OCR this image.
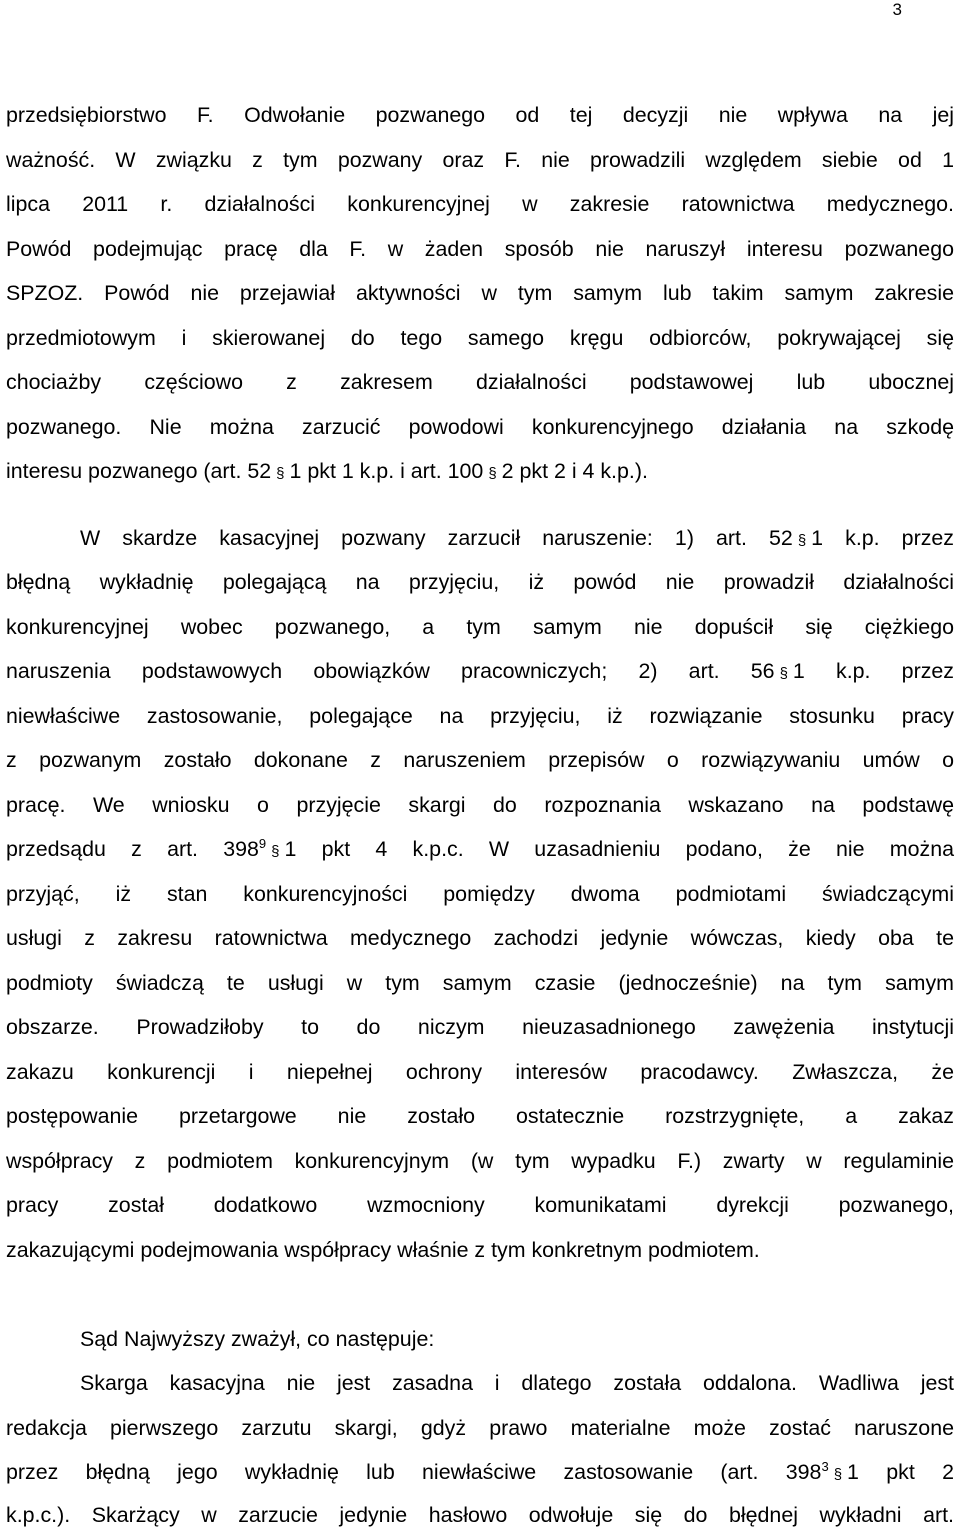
3
przedsiębiorstwo  F.  Odwołanie  pozwanego  od  tej  decyzji  nie  wpływa  na  jej
ważność. W związku z tym pozwany oraz F. nie prowadzili względem siebie od 1
lipca 2011 r. działalności konkurencyjnej w zakresie ratownictwa medycznego.
Powód podejmując pracę dla F. w żaden sposób nie naruszył interesu pozwanego
SPZOZ. Powód nie przejawiał aktywności w tym samym lub takim samym zakresie
przedmiotowym i skierowanej do tego samego kręgu odbiorców, pokrywającej się
chociażby częściowo z zakresem działalności podstawowej lub ubocznej
pozwanego. Nie można zarzucić powodowi konkurencyjnego działania na szkodę
interesu pozwanego (art. 52 § 1 pkt 1 k.p. i art. 100 § 2 pkt 2 i 4 k.p.).
W skardze kasacyjnej pozwany zarzucił naruszenie: 1) art. 52 § 1 k.p. przez
błędną wykładnię polegającą na przyjęciu, iż powód nie prowadził działalności
konkurencyjnej wobec pozwanego, a tym samym nie dopuścił się ciężkiego
naruszenia podstawowych obowiązków pracowniczych; 2) art. 56 § 1 k.p. przez
niewłaściwe zastosowanie, polegające na przyjęciu, iż rozwiązanie stosunku pracy
z pozwanym zostało dokonane z naruszeniem przepisów o rozwiązywaniu umów o
pracę. We wniosku o przyjęcie skargi do rozpoznania wskazano na podstawę
przedsądu z art. $398^9$ § 1 pkt 4 k.p.c. W uzasadnieniu podano, że nie można
przyjąć, iż stan konkurencyjności pomiędzy dwoma podmiotami świadczącymi
usługi z zakresu ratownictwa medycznego zachodzi jedynie wówczas, kiedy oba te
podmioty świadczą te usługi w tym samym czasie (jednocześnie) na tym samym
obszarze. Prowadziłoby to do niczym nieuzasadnionego zawężenia instytucji
zakazu konkurencji i niepełnej ochrony interesów pracodawcy. Zwłaszcza, że
postępowanie przetargowe nie zostało ostatecznie rozstrzygnięte, a zakaz
współpracy z podmiotem konkurencyjnym (w tym wypadku F.) zwarty w regulaminie
pracy został dodatkowo wzmocniony komunikatami dyrekcji pozwanego,
zakazującymi podejmowania współpracy właśnie z tym konkretnym podmiotem.
Sąd Najwyższy zważył, co następuje:
Skarga kasacyjna nie jest zasadna i dlatego została oddalona. Wadliwa jest
redakcja pierwszego zarzutu skargi, gdyż prawo materialne może zostać naruszone
przez błędną jego wykładnię lub niewłaściwe zastosowanie (art. $398^3$ § 1 pkt 2
k.p.c.). Skarżący w zarzucie jedynie hasłowo odwołuje się do błędnej wykładni art.
